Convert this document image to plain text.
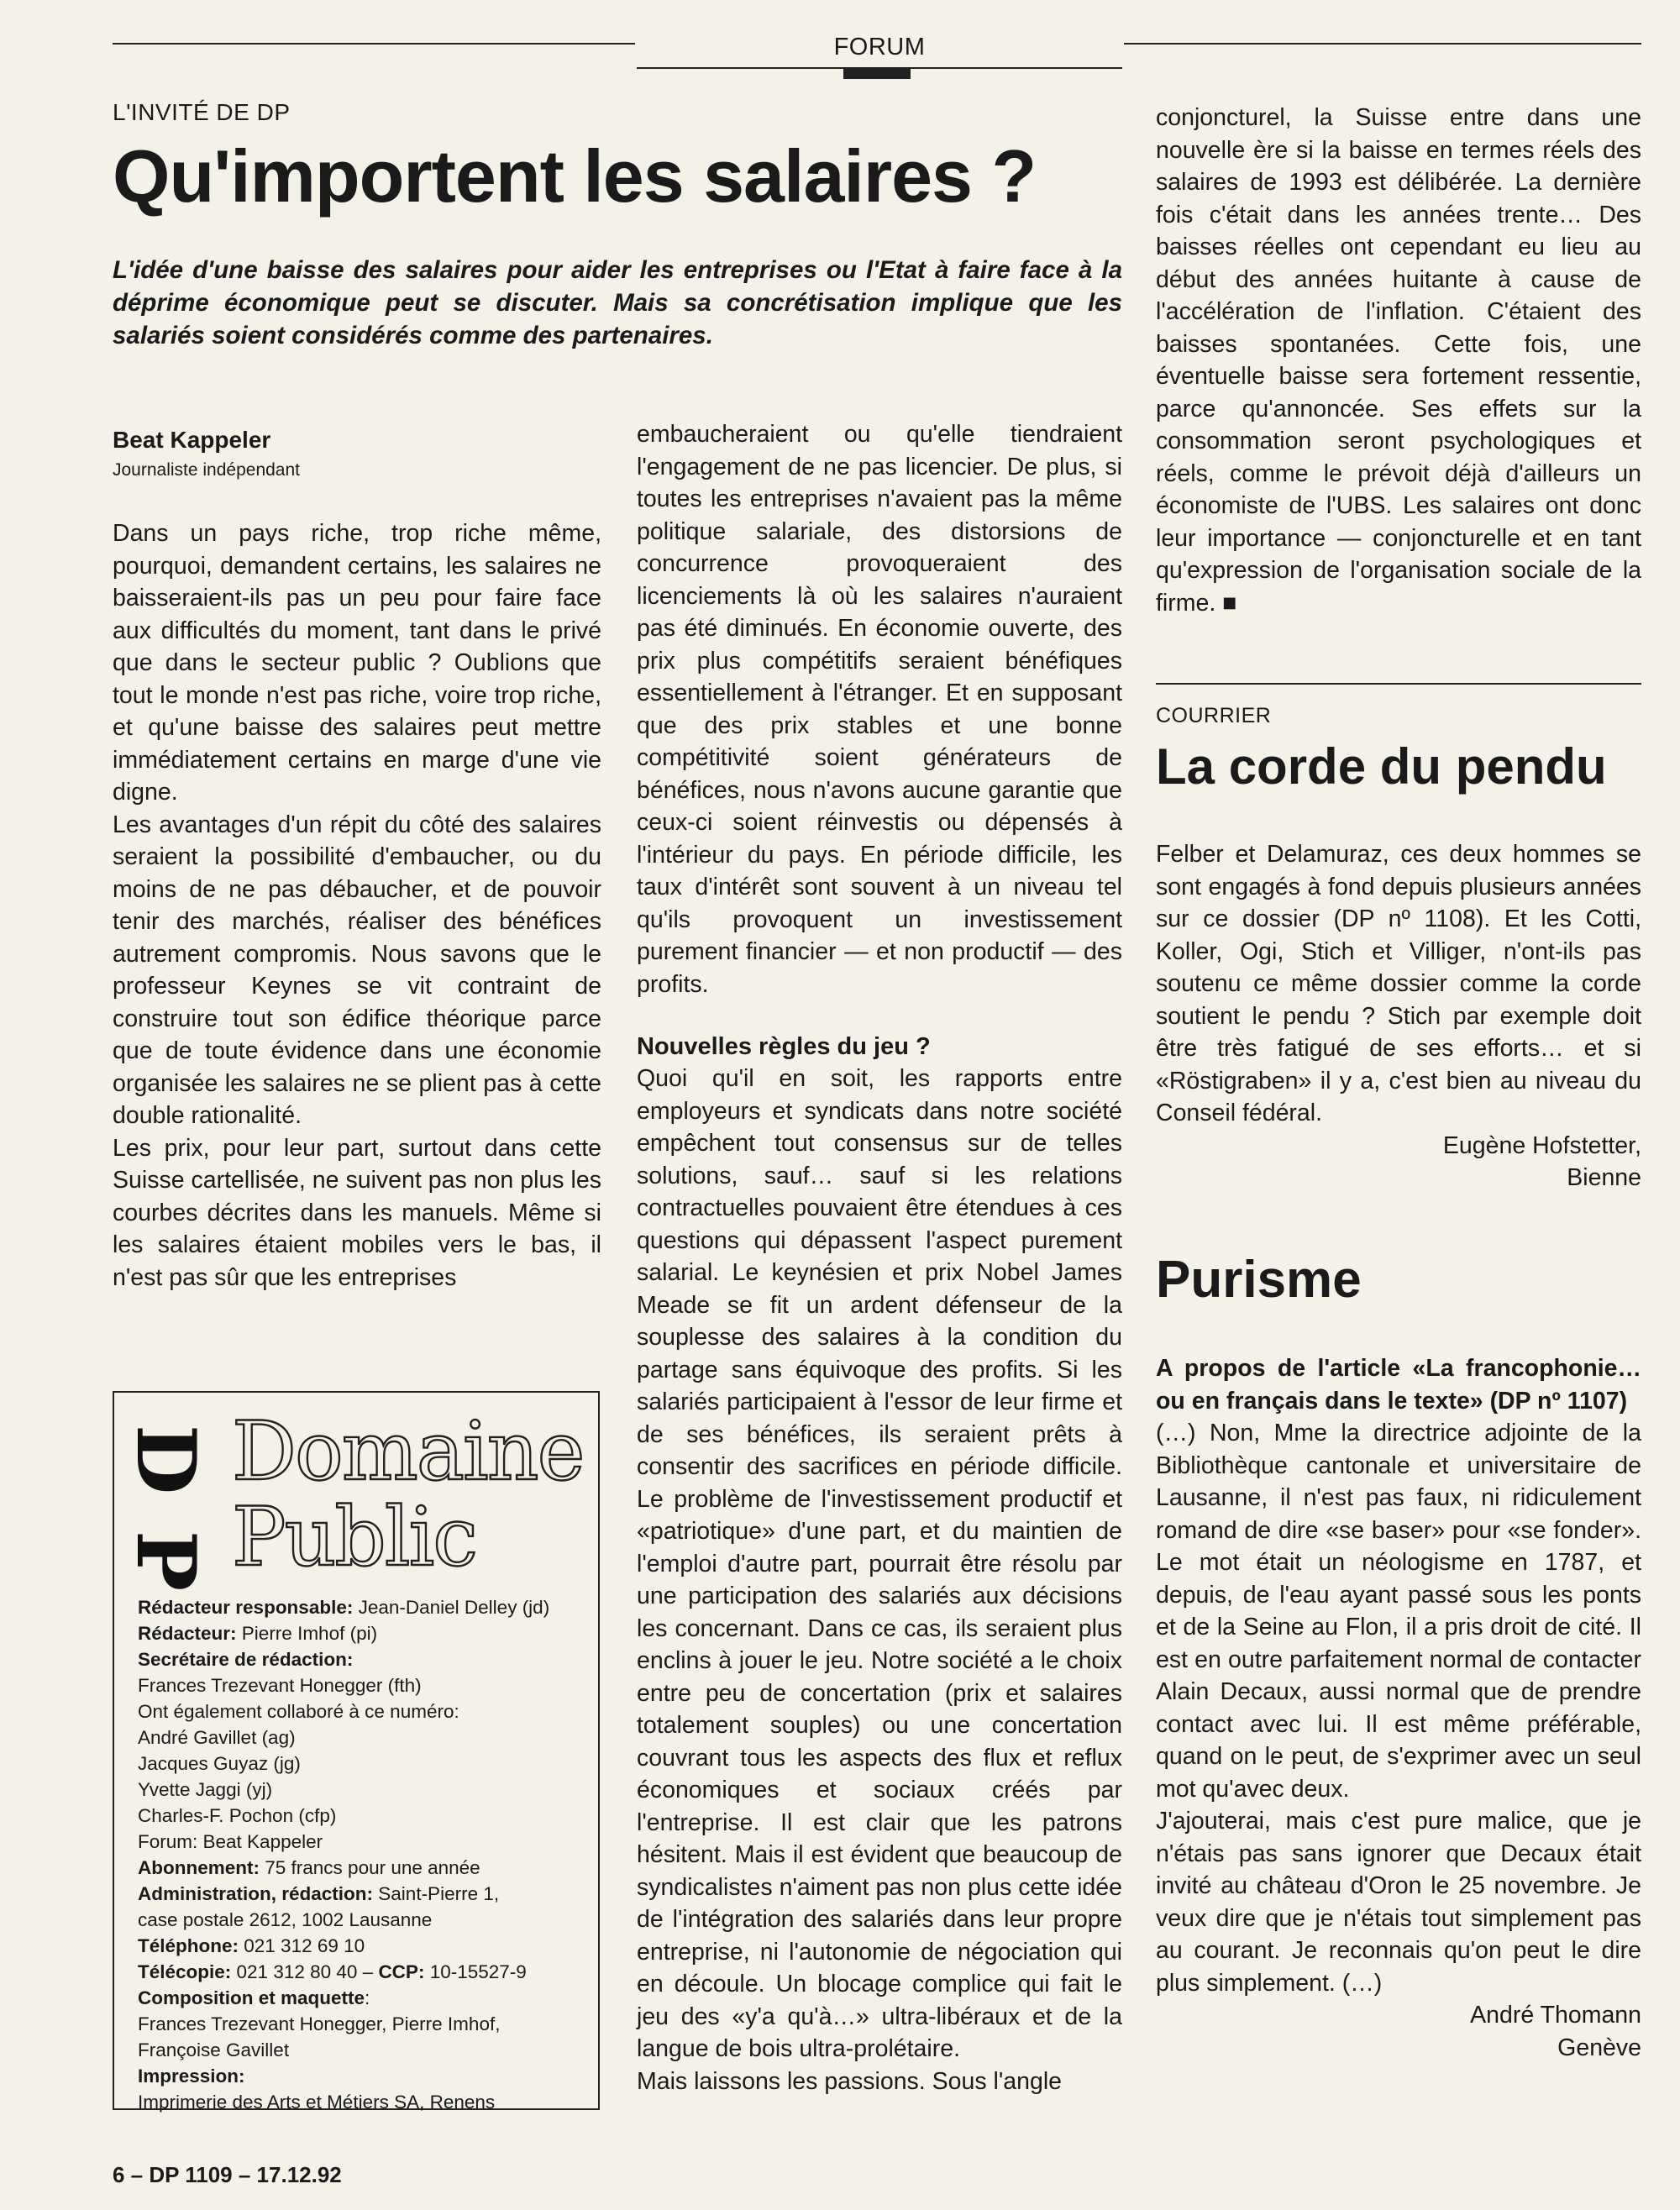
FORUM
L'INVITÉ DE DP
Qu'importent les salaires ?
L'idée d'une baisse des salaires pour aider les entreprises ou l'Etat à faire face à la déprime économique peut se discuter. Mais sa concrétisation implique que les salariés soient considérés comme des partenaires.
Beat Kappeler
Journaliste indépendant

Dans un pays riche, trop riche même, pourquoi, demandent certains, les salaires ne baisseraient-ils pas un peu pour faire face aux difficultés du moment, tant dans le privé que dans le secteur public ? Oublions que tout le monde n'est pas riche, voire trop riche, et qu'une baisse des salaires peut mettre immédiatement certains en marge d'une vie digne.

Les avantages d'un répit du côté des salaires seraient la possibilité d'embaucher, ou du moins de ne pas débaucher, et de pouvoir tenir des marchés, réaliser des bénéfices autrement compromis. Nous savons que le professeur Keynes se vit contraint de construire tout son édifice théorique parce que de toute évidence dans une économie organisée les salaires ne se plient pas à cette double rationalité.

Les prix, pour leur part, surtout dans cette Suisse cartellisée, ne suivent pas non plus les courbes décrites dans les manuels. Même si les salaires étaient mobiles vers le bas, il n'est pas sûr que les entreprises

embaucheraient ou qu'elle tiendraient l'engagement de ne pas licencier. De plus, si toutes les entreprises n'avaient pas la même politique salariale, des distorsions de concurrence provoqueraient des licenciements là où les salaires n'auraient pas été diminués. En économie ouverte, des prix plus compétitifs seraient bénéfiques essentiellement à l'étranger. Et en supposant que des prix stables et une bonne compétitivité soient générateurs de bénéfices, nous n'avons aucune garantie que ceux-ci soient réinvestis ou dépensés à l'intérieur du pays. En période difficile, les taux d'intérêt sont souvent à un niveau tel qu'ils provoquent un investissement purement financier — et non productif — des profits.

Nouvelles règles du jeu ?

Quoi qu'il en soit, les rapports entre employeurs et syndicats dans notre société empêchent tout consensus sur de telles solutions, sauf… sauf si les relations contractuelles pouvaient être étendues à ces questions qui dépassent l'aspect purement salarial. Le keynésien et prix Nobel James Meade se fit un ardent défenseur de la souplesse des salaires à la condition du partage sans équivoque des profits. Si les salariés participaient à l'essor de leur firme et de ses bénéfices, ils seraient prêts à consentir des sacrifices en période difficile. Le problème de l'investissement productif et «patriotique» d'une part, et du maintien de l'emploi d'autre part, pourrait être résolu par une participation des salariés aux décisions les concernant. Dans ce cas, ils seraient plus enclins à jouer le jeu. Notre société a le choix entre peu de concertation (prix et salaires totalement souples) ou une concertation couvrant tous les aspects des flux et reflux économiques et sociaux créés par l'entreprise. Il est clair que les patrons hésitent. Mais il est évident que beaucoup de syndicalistes n'aiment pas non plus cette idée de l'intégration des salariés dans leur propre entreprise, ni l'autonomie de négociation qui en découle. Un blocage complice qui fait le jeu des «y'a qu'à…» ultra-libéraux et de la langue de bois ultra-prolétaire.

Mais laissons les passions. Sous l'angle

conjoncturel, la Suisse entre dans une nouvelle ère si la baisse en termes réels des salaires de 1993 est délibérée. La dernière fois c'était dans les années trente… Des baisses réelles ont cependant eu lieu au début des années huitante à cause de l'accélération de l'inflation. C'étaient des baisses spontanées. Cette fois, une éventuelle baisse sera fortement ressentie, parce qu'annoncée. Ses effets sur la consommation seront psychologiques et réels, comme le prévoit déjà d'ailleurs un économiste de l'UBS. Les salaires ont donc leur importance — conjoncturelle et en tant qu'expression de l'organisation sociale de la firme. ■

COURRIER
La corde du pendu

Felber et Delamuraz, ces deux hommes se sont engagés à fond depuis plusieurs années sur ce dossier (DP nº 1108). Et les Cotti, Koller, Ogi, Stich et Villiger, n'ont-ils pas soutenu ce même dossier comme la corde soutient le pendu ? Stich par exemple doit être très fatigué de ses efforts… et si «Röstigraben» il y a, c'est bien au niveau du Conseil fédéral.

Eugène Hofstetter,

Bienne

Purisme

A propos de l'article «La francophonie… ou en français dans le texte» (DP nº 1107)

(…) Non, Mme la directrice adjointe de la Bibliothèque cantonale et universitaire de Lausanne, il n'est pas faux, ni ridiculement romand de dire «se baser» pour «se fonder». Le mot était un néologisme en 1787, et depuis, de l'eau ayant passé sous les ponts et de la Seine au Flon, il a pris droit de cité. Il est en outre parfaitement normal de contacter Alain Decaux, aussi normal que de prendre contact avec lui. Il est même préférable, quand on le peut, de s'exprimer avec un seul mot qu'avec deux.

J'ajouterai, mais c'est pure malice, que je n'étais pas sans ignorer que Decaux était invité au château d'Oron le 25 novembre. Je veux dire que je n'étais tout simplement pas au courant. Je reconnais qu'on peut le dire plus simplement. (…)

André Thomann

Genève

D
P
Domaine
Public
Rédacteur responsable: Jean-Daniel Delley (jd)
Rédacteur: Pierre Imhof (pi)
Secrétaire de rédaction:
Frances Trezevant Honegger (fth)
Ont également collaboré à ce numéro:
André Gavillet (ag)
Jacques Guyaz (jg)
Yvette Jaggi (yj)
Charles-F. Pochon (cfp)
Forum: Beat Kappeler
Abonnement: 75 francs pour une année
Administration, rédaction: Saint-Pierre 1,
case postale 2612, 1002 Lausanne
Téléphone: 021 312 69 10
Télécopie: 021 312 80 40 – CCP: 10-15527-9
Composition et maquette:
Frances Trezevant Honegger, Pierre Imhof,
Françoise Gavillet
Impression:
Imprimerie des Arts et Métiers SA, Renens
6 – DP 1109 – 17.12.92
